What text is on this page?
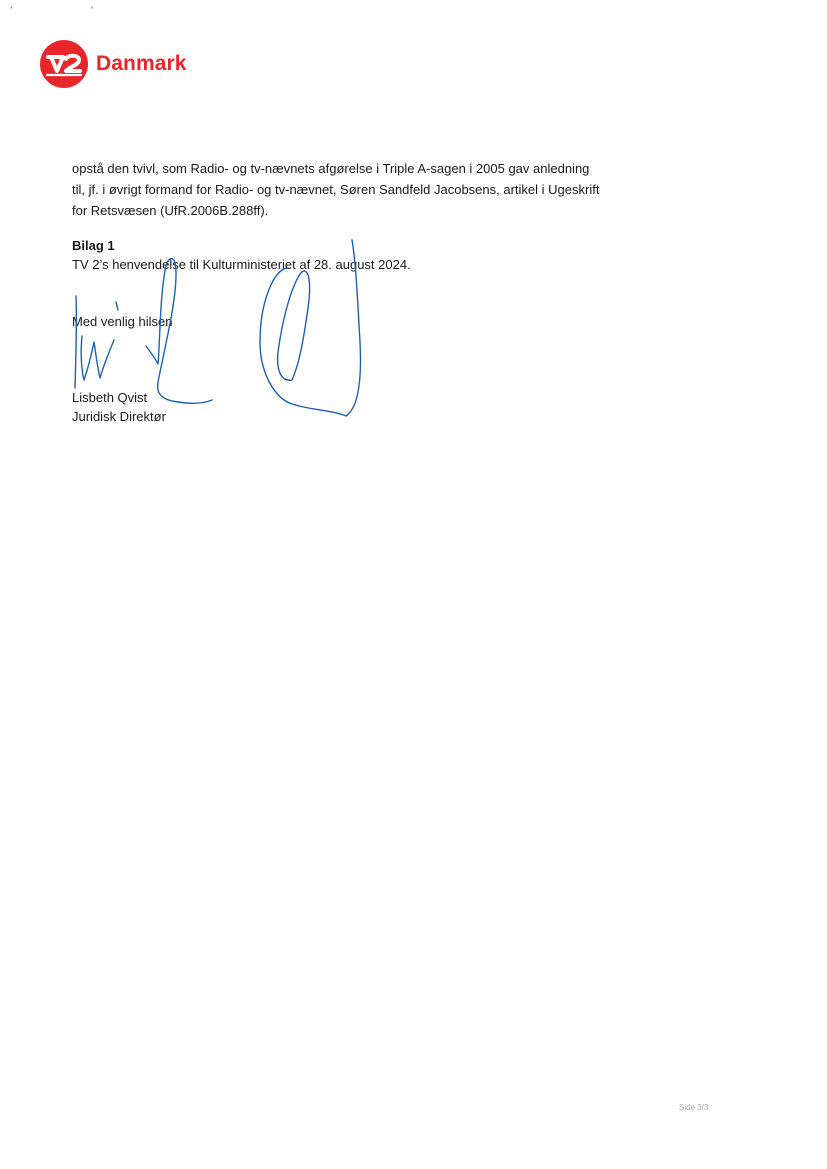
* *
Danmark

opstå den tvivl, som Radio- og tv-nævnets afgørelse i Triple A-sagen i 2005 gav anledning

til, jf. i øvrigt formand for Radio- og tv-nævnet, Søren Sandfeld Jacobsens, artikel i Ugeskrift

for Retsvæsen (UfR.2006B.288ff).

Bilag 1
TV 2’s henvendelse til Kulturministeriet af 28. august 2024.
Med venlig hilsen
Lisbeth Qvist
Juridisk Direktør
Side 3/3
